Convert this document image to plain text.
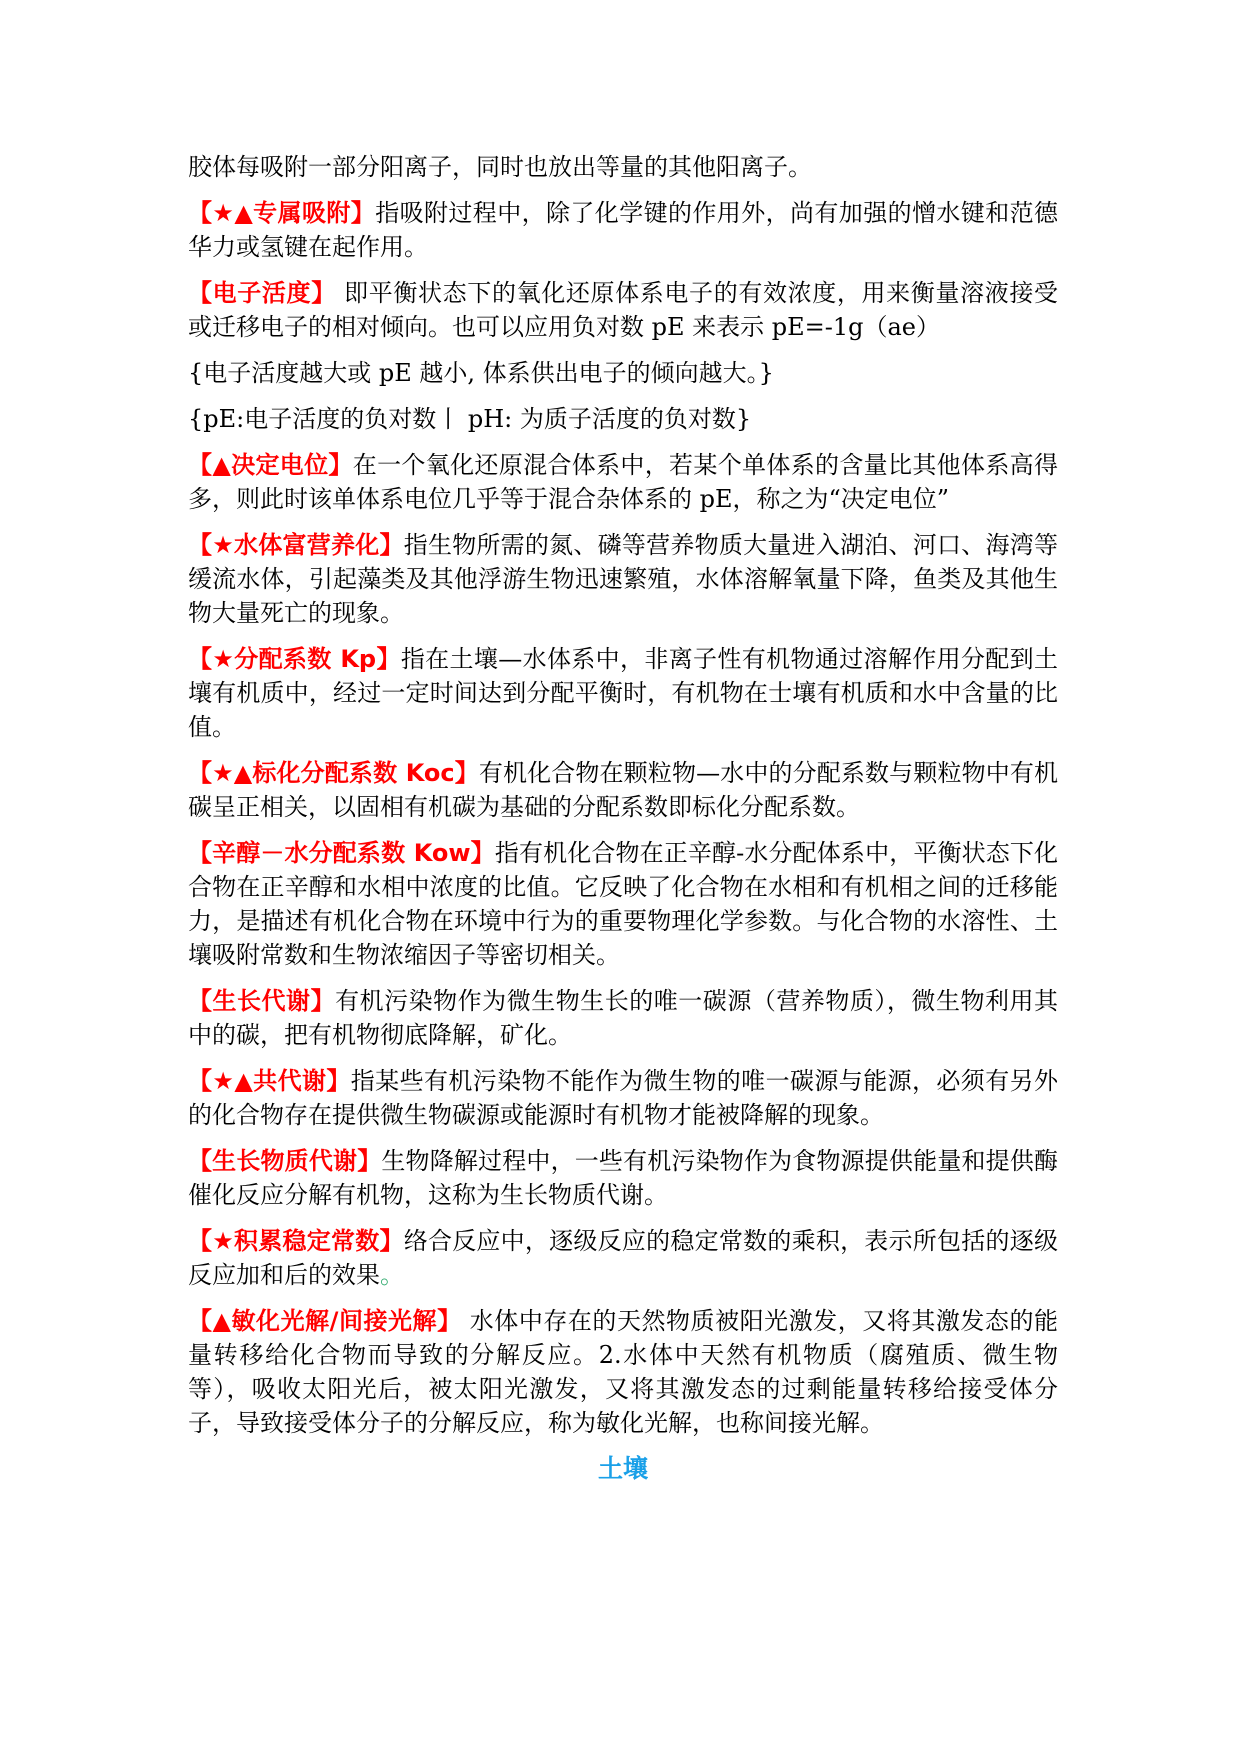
胶体每吸附一部分阳离子，同时也放出等量的其他阳离子。

【★▲专属吸附】指吸附过程中，除了化学键的作用外，尚有加强的憎水键和范德华力或氢键在起作用。

【电子活度】 即平衡状态下的氧化还原体系电子的有效浓度，用来衡量溶液接受或迁移电子的相对倾向。也可以应用负对数 pE 来表示 pE=-1g（ae）

{电子活度越大或 pE 越小, 体系供出电子的倾向越大。}

{pE:电子活度的负对数丨 pH: 为质子活度的负对数}

【▲决定电位】在一个氧化还原混合体系中，若某个单体系的含量比其他体系高得多，则此时该单体系电位几乎等于混合杂体系的 pE，称之为“决定电位”

【★水体富营养化】指生物所需的氮、磷等营养物质大量进入湖泊、河口、海湾等缓流水体，引起藻类及其他浮游生物迅速繁殖，水体溶解氧量下降，鱼类及其他生物大量死亡的现象。

【★分配系数 Kp】指在土壤—水体系中，非离子性有机物通过溶解作用分配到土壤有机质中，经过一定时间达到分配平衡时，有机物在士壤有机质和水中含量的比值。

【★▲标化分配系数 Koc】有机化合物在颗粒物—水中的分配系数与颗粒物中有机碳呈正相关，以固相有机碳为基础的分配系数即标化分配系数。

【辛醇－水分配系数 Kow】指有机化合物在正辛醇-水分配体系中，平衡状态下化合物在正辛醇和水相中浓度的比值。它反映了化合物在水相和有机相之间的迁移能力，是描述有机化合物在环境中行为的重要物理化学参数。与化合物的水溶性、土壤吸附常数和生物浓缩因子等密切相关。

【生长代谢】有机污染物作为微生物生长的唯一碳源（营养物质），微生物利用其中的碳，把有机物彻底降解，矿化。

【★▲共代谢】指某些有机污染物不能作为微生物的唯一碳源与能源，必须有另外的化合物存在提供微生物碳源或能源时有机物才能被降解的现象。

【生长物质代谢】生物降解过程中，一些有机污染物作为食物源提供能量和提供酶催化反应分解有机物，这称为生长物质代谢。

【★积累稳定常数】络合反应中，逐级反应的稳定常数的乘积，表示所包括的逐级反应加和后的效果。

【▲敏化光解/间接光解】 水体中存在的天然物质被阳光激发，又将其激发态的能量转移给化合物而导致的分解反应。2.水体中天然有机物质（腐殖质、微生物等），吸收太阳光后，被太阳光激发，又将其激发态的过剩能量转移给接受体分子，导致接受体分子的分解反应，称为敏化光解，也称间接光解。

土壤
